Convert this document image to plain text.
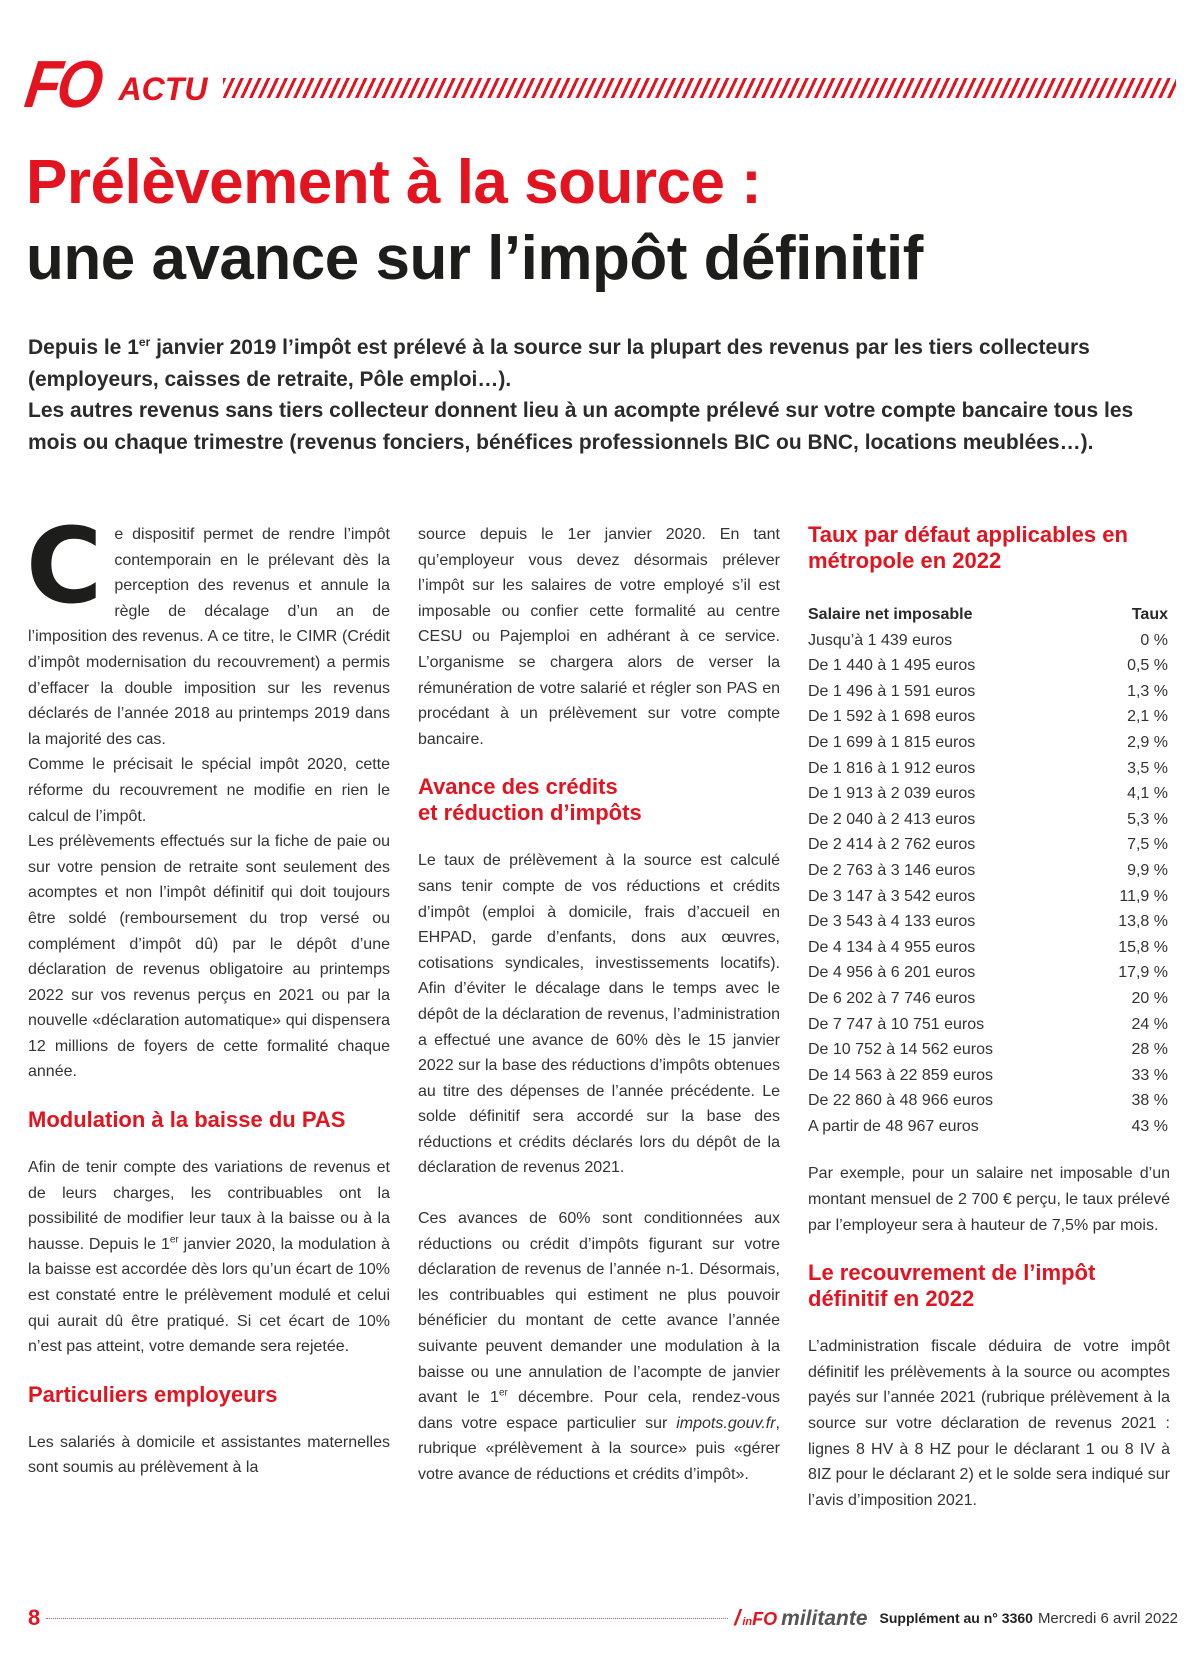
FO ACTU
Prélèvement à la source :
une avance sur l’impôt définitif

Depuis le 1er janvier 2019 l’impôt est prélevé à la source sur la plupart des revenus par les tiers collecteurs (employeurs, caisses de retraite, Pôle emploi…).

Les autres revenus sans tiers collecteur donnent lieu à un acompte prélevé sur votre compte bancaire tous les mois ou chaque trimestre (revenus fonciers, bénéfices professionnels BIC ou BNC, locations meublées…).

Ce dispositif permet de rendre l’impôt contemporain en le prélevant dès la perception des revenus et annule la règle de décalage d’un an de l’imposition des revenus. A ce titre, le CIMR (Crédit d’impôt modernisation du recouvrement) a permis d’effacer la double imposition sur les revenus déclarés de l’année 2018 au printemps 2019 dans la majorité des cas.

Comme le précisait le spécial impôt 2020, cette réforme du recouvrement ne modifie en rien le calcul de l’impôt.

Les prélèvements effectués sur la fiche de paie ou sur votre pension de retraite sont seulement des acomptes et non l’impôt définitif qui doit toujours être soldé (remboursement du trop versé ou complément d’impôt dû) par le dépôt d’une déclaration de revenus obligatoire au printemps 2022 sur vos revenus perçus en 2021 ou par la nouvelle «déclaration automatique» qui dispensera 12 millions de foyers de cette formalité chaque année.

Modulation à la baisse du PAS

Afin de tenir compte des variations de revenus et de leurs charges, les contribuables ont la possibilité de modifier leur taux à la baisse ou à la hausse. Depuis le 1er janvier 2020, la modulation à la baisse est accordée dès lors qu’un écart de 10% est constaté entre le prélèvement modulé et celui qui aurait dû être pratiqué. Si cet écart de 10% n’est pas atteint, votre demande sera rejetée.

Particuliers employeurs

Les salariés à domicile et assistantes maternelles sont soumis au prélèvement à la

source depuis le 1er janvier 2020. En tant qu’employeur vous devez désormais prélever l’impôt sur les salaires de votre employé s’il est imposable ou confier cette formalité au centre CESU ou Pajemploi en adhérant à ce service. L’organisme se chargera alors de verser la rémunération de votre salarié et régler son PAS en procédant à un prélèvement sur votre compte bancaire.

Avance des crédits
et réduction d’impôts

Le taux de prélèvement à la source est calculé sans tenir compte de vos réductions et crédits d’impôt (emploi à domicile, frais d’accueil en EHPAD, garde d’enfants, dons aux œuvres, cotisations syndicales, investissements locatifs). Afin d’éviter le décalage dans le temps avec le dépôt de la déclaration de revenus, l’administration a effectué une avance de 60% dès le 15 janvier 2022 sur la base des réductions d’impôts obtenues au titre des dépenses de l’année précédente. Le solde définitif sera accordé sur la base des réductions et crédits déclarés lors du dépôt de la déclaration de revenus 2021.

Ces avances de 60% sont conditionnées aux réductions ou crédit d’impôts figurant sur votre déclaration de revenus de l’année n-1. Désormais, les contribuables qui estiment ne plus pouvoir bénéficier du montant de cette avance l’année suivante peuvent demander une modulation à la baisse ou une annulation de l’acompte de janvier avant le 1er décembre. Pour cela, rendez-vous dans votre espace particulier sur impots.gouv.fr, rubrique «prélèvement à la source» puis «gérer votre avance de réductions et crédits d’impôt».

Taux par défaut applicables en métropole en 2022
Salaire net imposable	Taux
Jusqu’à 1 439 euros	0 %
De 1 440 à 1 495 euros	0,5 %
De 1 496 à 1 591 euros	1,3 %
De 1 592 à 1 698 euros	2,1 %
De 1 699 à 1 815 euros	2,9 %
De 1 816 à 1 912 euros	3,5 %
De 1 913 à 2 039 euros	4,1 %
De 2 040 à 2 413 euros	5,3 %
De 2 414 à 2 762 euros	7,5 %
De 2 763 à 3 146 euros	9,9 %
De 3 147 à 3 542 euros	11,9 %
De 3 543 à 4 133 euros	13,8 %
De 4 134 à 4 955 euros	15,8 %
De 4 956 à 6 201 euros	17,9 %
De 6 202 à 7 746 euros	20 %
De 7 747 à 10 751 euros	24 %
De 10 752 à 14 562 euros	28 %
De 14 563 à 22 859 euros	33 %
De 22 860 à 48 966 euros	38 %
A partir de 48 967 euros	43 %

Par exemple, pour un salaire net imposable d’un montant mensuel de 2 700 € perçu, le taux prélevé par l’employeur sera à hauteur de 7,5% par mois.

Le recouvrement de l’impôt définitif en 2022

L’administration fiscale déduira de votre impôt définitif les prélèvements à la source ou acomptes payés sur l’année 2021 (rubrique prélèvement à la source sur votre déclaration de revenus 2021 : lignes 8 HV à 8 HZ pour le déclarant 1 ou 8 IV à 8IZ pour le déclarant 2) et le solde sera indiqué sur l’avis d’imposition 2021.

8	/ in FO militante Supplément au n° 3360 Mercredi 6 avril 2022
